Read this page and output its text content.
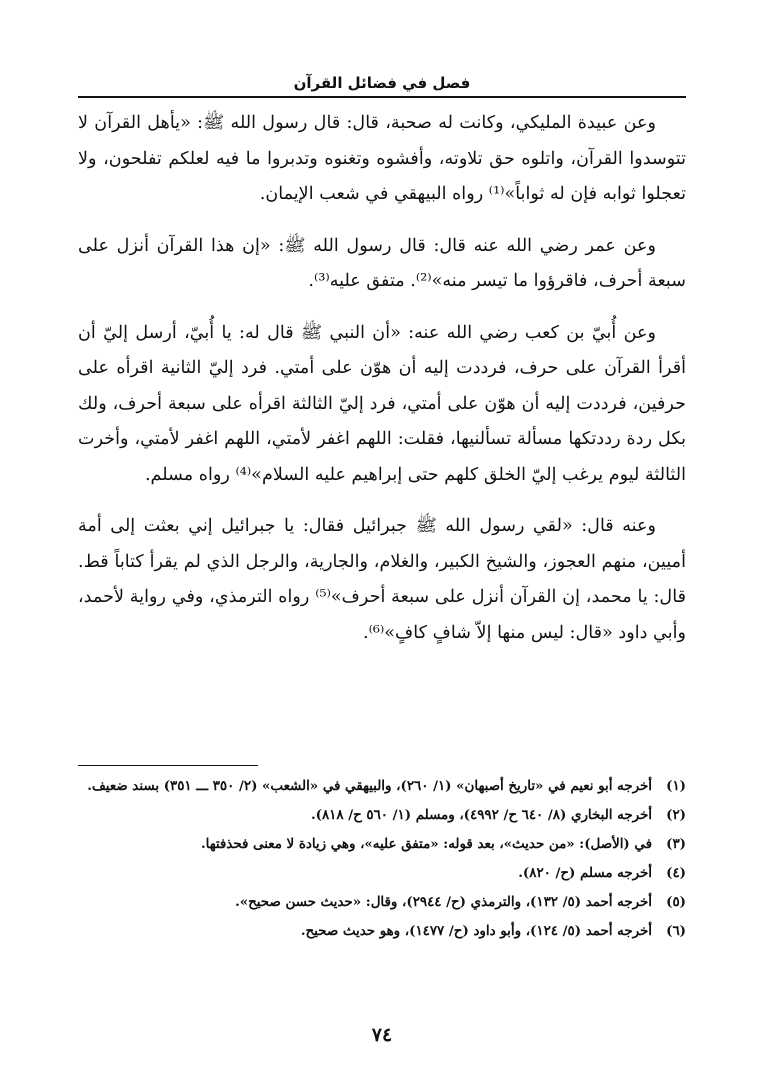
فصل في فضائل القرآن

وعن عبيدة المليكي، وكانت له صحبة، قال: قال رسول الله ﷺ: «يأهل القرآن لا تتوسدوا القرآن، واتلوه حق تلاوته، وأفشوه وتغنوه وتدبروا ما فيه لعلكم تفلحون، ولا تعجلوا ثوابه فإن له ثواباً»⁽¹⁾ رواه البيهقي في شعب الإيمان.

وعن عمر رضي الله عنه قال: قال رسول الله ﷺ: «إن هذا القرآن أنزل على سبعة أحرف، فاقرؤوا ما تيسر منه»⁽²⁾. متفق عليه⁽³⁾.

وعن أُبيّ بن كعب رضي الله عنه: «أن النبي ﷺ قال له: يا أُبيّ، أرسل إليّ أن أقرأ القرآن على حرف، فرددت إليه أن هوّن على أمتي. فرد إليّ الثانية اقرأه على حرفين، فرددت إليه أن هوّن على أمتي، فرد إليّ الثالثة اقرأه على سبعة أحرف، ولك بكل ردة رددتكها مسألة تسألنيها، فقلت: اللهم اغفر لأمتي، اللهم اغفر لأمتي، وأخرت الثالثة ليوم يرغب إليّ الخلق كلهم حتى إبراهيم عليه السلام»⁽⁴⁾ رواه مسلم.

وعنه قال: «لقي رسول الله ﷺ جبرائيل فقال: يا جبرائيل إني بعثت إلى أمة أميين، منهم العجوز، والشيخ الكبير، والغلام، والجارية، والرجل الذي لم يقرأ كتاباً قط. قال: يا محمد، إن القرآن أنزل على سبعة أحرف»⁽⁵⁾ رواه الترمذي، وفي رواية لأحمد، وأبي داود «قال: ليس منها إلاّ شافٍ كافٍ»⁽⁶⁾.

(١)
أخرجه أبو نعيم في «تاريخ أصبهان» (١/ ٢٦٠)، والبيهقي في «الشعب» (٢/ ٣٥٠ ـــ ٣٥١) بسند ضعيف.
(٢)
أخرجه البخاري (٨/ ٦٤٠ ح/ ٤٩٩٢)، ومسلم (١/ ٥٦٠ ح/ ٨١٨).
(٣)
في (الأصل): «من حديث»، بعد قوله: «متفق عليه»، وهي زيادة لا معنى فحذفتها.
(٤)
أخرجه مسلم (ح/ ٨٢٠).
(٥)
أخرجه أحمد (٥/ ١٣٢)، والترمذي (ح/ ٢٩٤٤)، وقال: «حديث حسن صحيح».
(٦)
أخرجه أحمد (٥/ ١٢٤)، وأبو داود (ح/ ١٤٧٧)، وهو حديث صحيح.
٧٤
